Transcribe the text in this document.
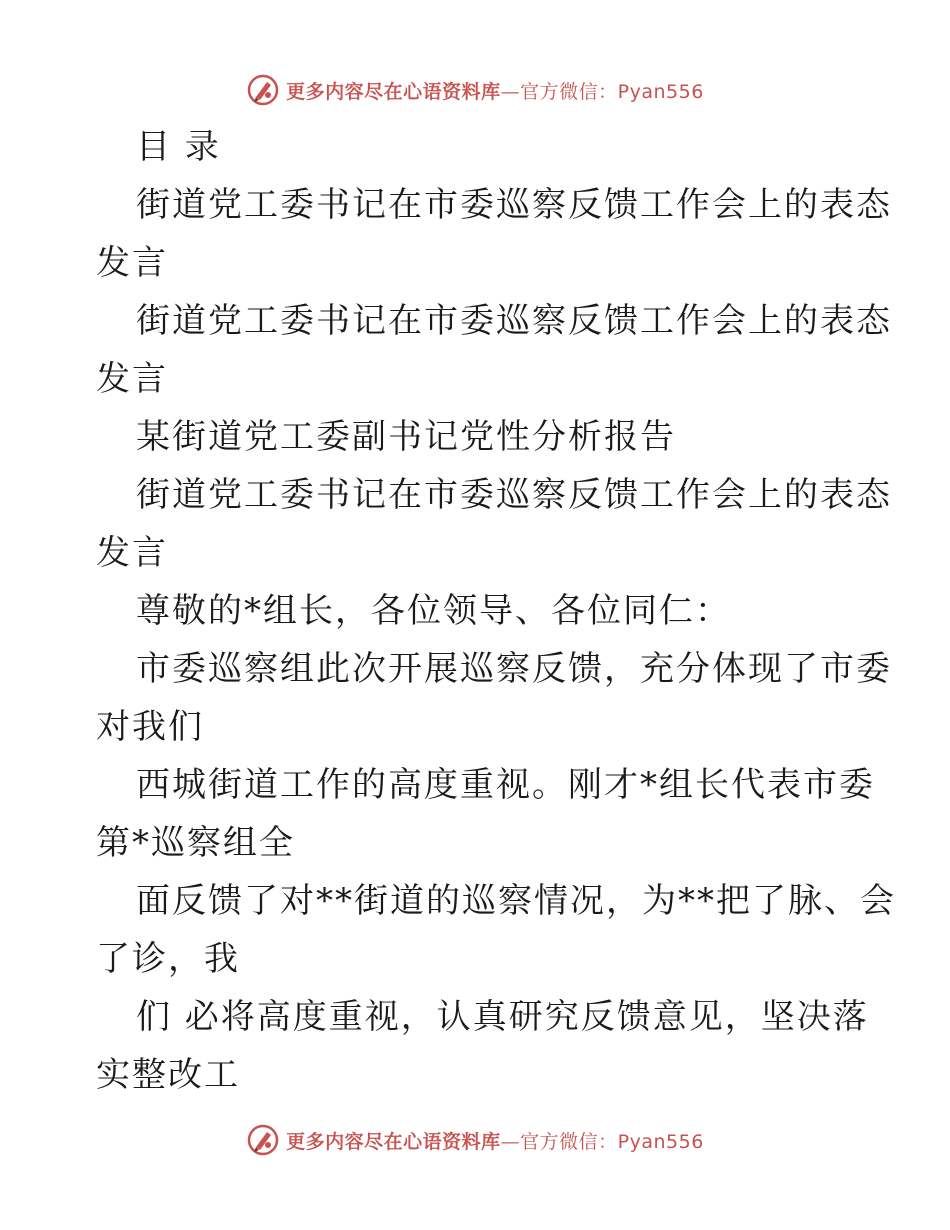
更多内容尽在心语资料库—官方微信：Pyan556
目 录
街道党工委书记在市委巡察反馈工作会上的表态
发言
街道党工委书记在市委巡察反馈工作会上的表态
发言
某街道党工委副书记党性分析报告
街道党工委书记在市委巡察反馈工作会上的表态
发言
尊敬的*组长，各位领导、各位同仁：
市委巡察组此次开展巡察反馈，充分体现了市委
对我们
西城街道工作的高度重视。刚才*组长代表市委
第*巡察组全
面反馈了对**街道的巡察情况，为**把了脉、会
了诊，我
们 必将高度重视，认真研究反馈意见，坚决落
实整改工
更多内容尽在心语资料库—官方微信：Pyan556
